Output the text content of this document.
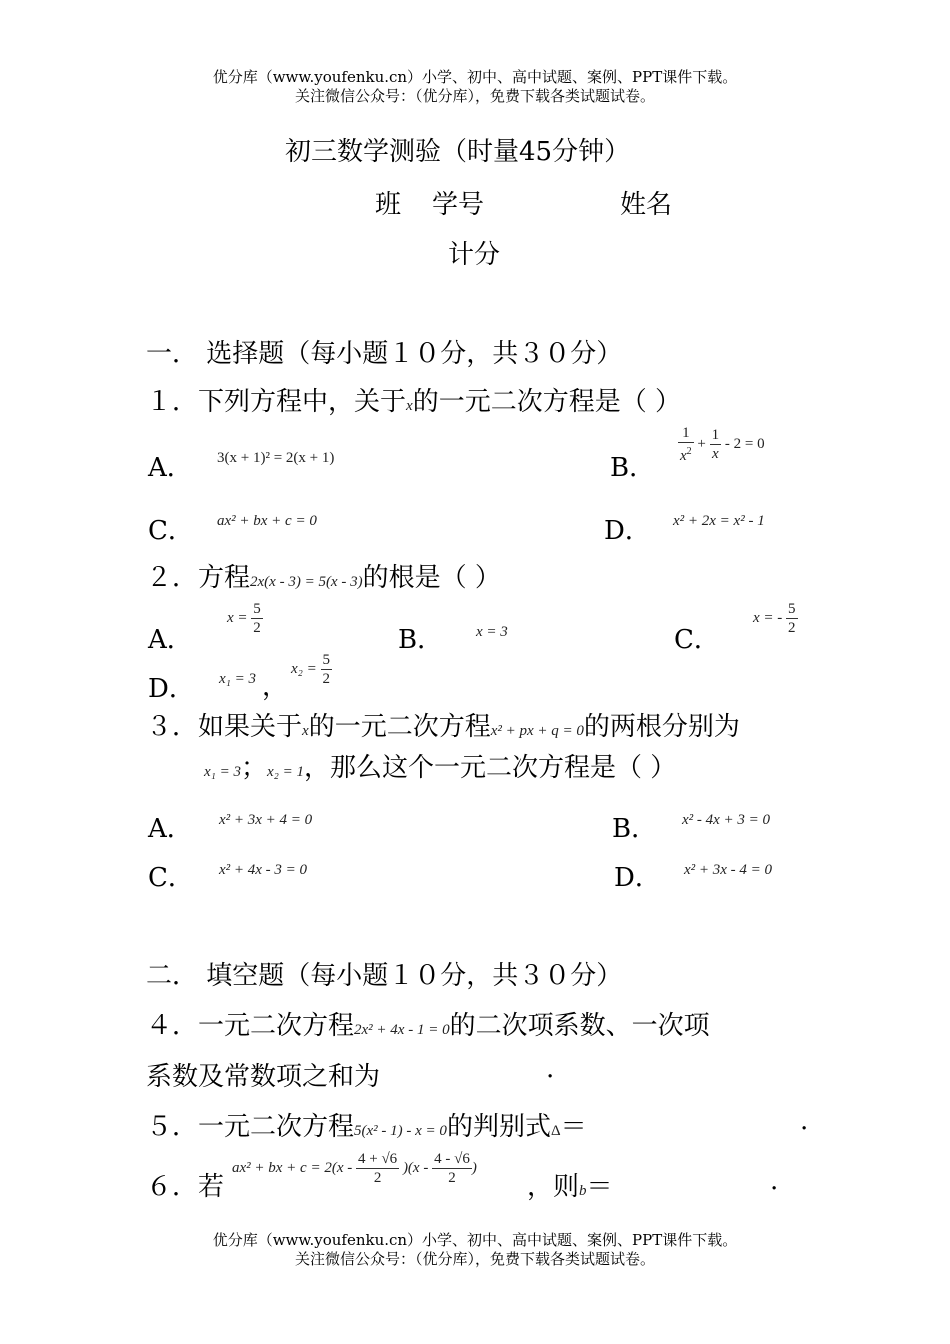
优分库（www.youfenku.cn）小学、初中、高中试题、案例、PPT课件下载。
关注微信公众号：（优分库），免费下载各类试题试卷。
初三数学测验（时量45分钟）
班 学号	姓名
计分
一． 选择题（每小题１０分，共３０分）
１．下列方程中，关于x的一元二次方程是（ ）
A． 3(x + 1)² = 2(x + 1)	B．
$\frac{1}{x^2} + \frac{1}{x} - 2 = 0$
C． ax² + bx + c = 0	D． x² + 2x = x² - 1
２．方程2x(x - 3) = 5(x - 3)的根是（ ）
A．
$x = \frac{5}{2}$
B． x = 3	C．
x = - $\frac{5}{2}$
D． x₁ = 3 ，
$x_2 = \frac{5}{2}$
３．如果关于x的一元二次方程x² + px + q = 0的两根分别为
x₁ = 3；x₂ = 1，那么这个一元二次方程是（ ）
A． x² + 3x + 4 = 0	B． x² - 4x + 3 = 0
C． x² + 4x - 3 = 0	D． x² + 3x - 4 = 0
二． 填空题（每小题１０分，共３０分）
４．一元二次方程2x² + 4x - 1 = 0的二次项系数、一次项
系数及常数项之和为	.
５．一元二次方程5(x² - 1) - x = 0的判别式Δ＝	.
６．若
ax² + bx + $c = 2(x - \frac{4 + √6}{2} )(x - \frac{4 - √6}{2}$ )
，则b＝	.
优分库（www.youfenku.cn）小学、初中、高中试题、案例、PPT课件下载。
关注微信公众号：（优分库），免费下载各类试题试卷。
